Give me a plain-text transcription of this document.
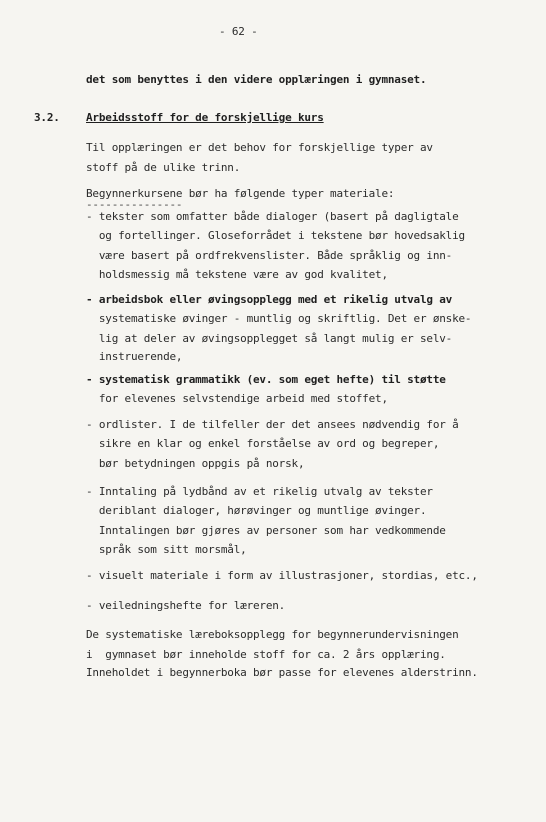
- 62 -
det som benyttes i den videre opplæringen i gymnaset.
3.2. Arbeidsstoff for de forskjellige kurs
Til opplæringen er det behov for forskjellige typer av
stoff på de ulike trinn.
Begynnerkursene bør ha følgende typer materiale:
---------------
- tekster som omfatter både dialoger (basert på dagligtale
og fortellinger. Gloseforrådet i tekstene bør hovedsaklig
være basert på ordfrekvenslister. Både språklig og inn-
holdsmessig må tekstene være av god kvalitet,
- arbeidsbok eller øvingsopplegg med et rikelig utvalg av
systematiske øvinger - muntlig og skriftlig. Det er ønske-
lig at deler av øvingsopplegget så langt mulig er selv-
instruerende,
- systematisk grammatikk (ev. som eget hefte) til støtte
for elevenes selvstendige arbeid med stoffet,
- ordlister. I de tilfeller der det ansees nødvendig for å
sikre en klar og enkel forståelse av ord og begreper,
bør betydningen oppgis på norsk,
- Inntaling på lydbånd av et rikelig utvalg av tekster
deriblant dialoger, hørøvinger og muntlige øvinger.
Inntalingen bør gjøres av personer som har vedkommende
språk som sitt morsmål,
- visuelt materiale i form av illustrasjoner, stordias, etc.,
- veiledningshefte for læreren.
De systematiske læreboksopplegg for begynnerundervisningen
i  gymnaset bør inneholde stoff for ca. 2 års opplæring.
Inneholdet i begynnerboka bør passe for elevenes alderstrinn.
